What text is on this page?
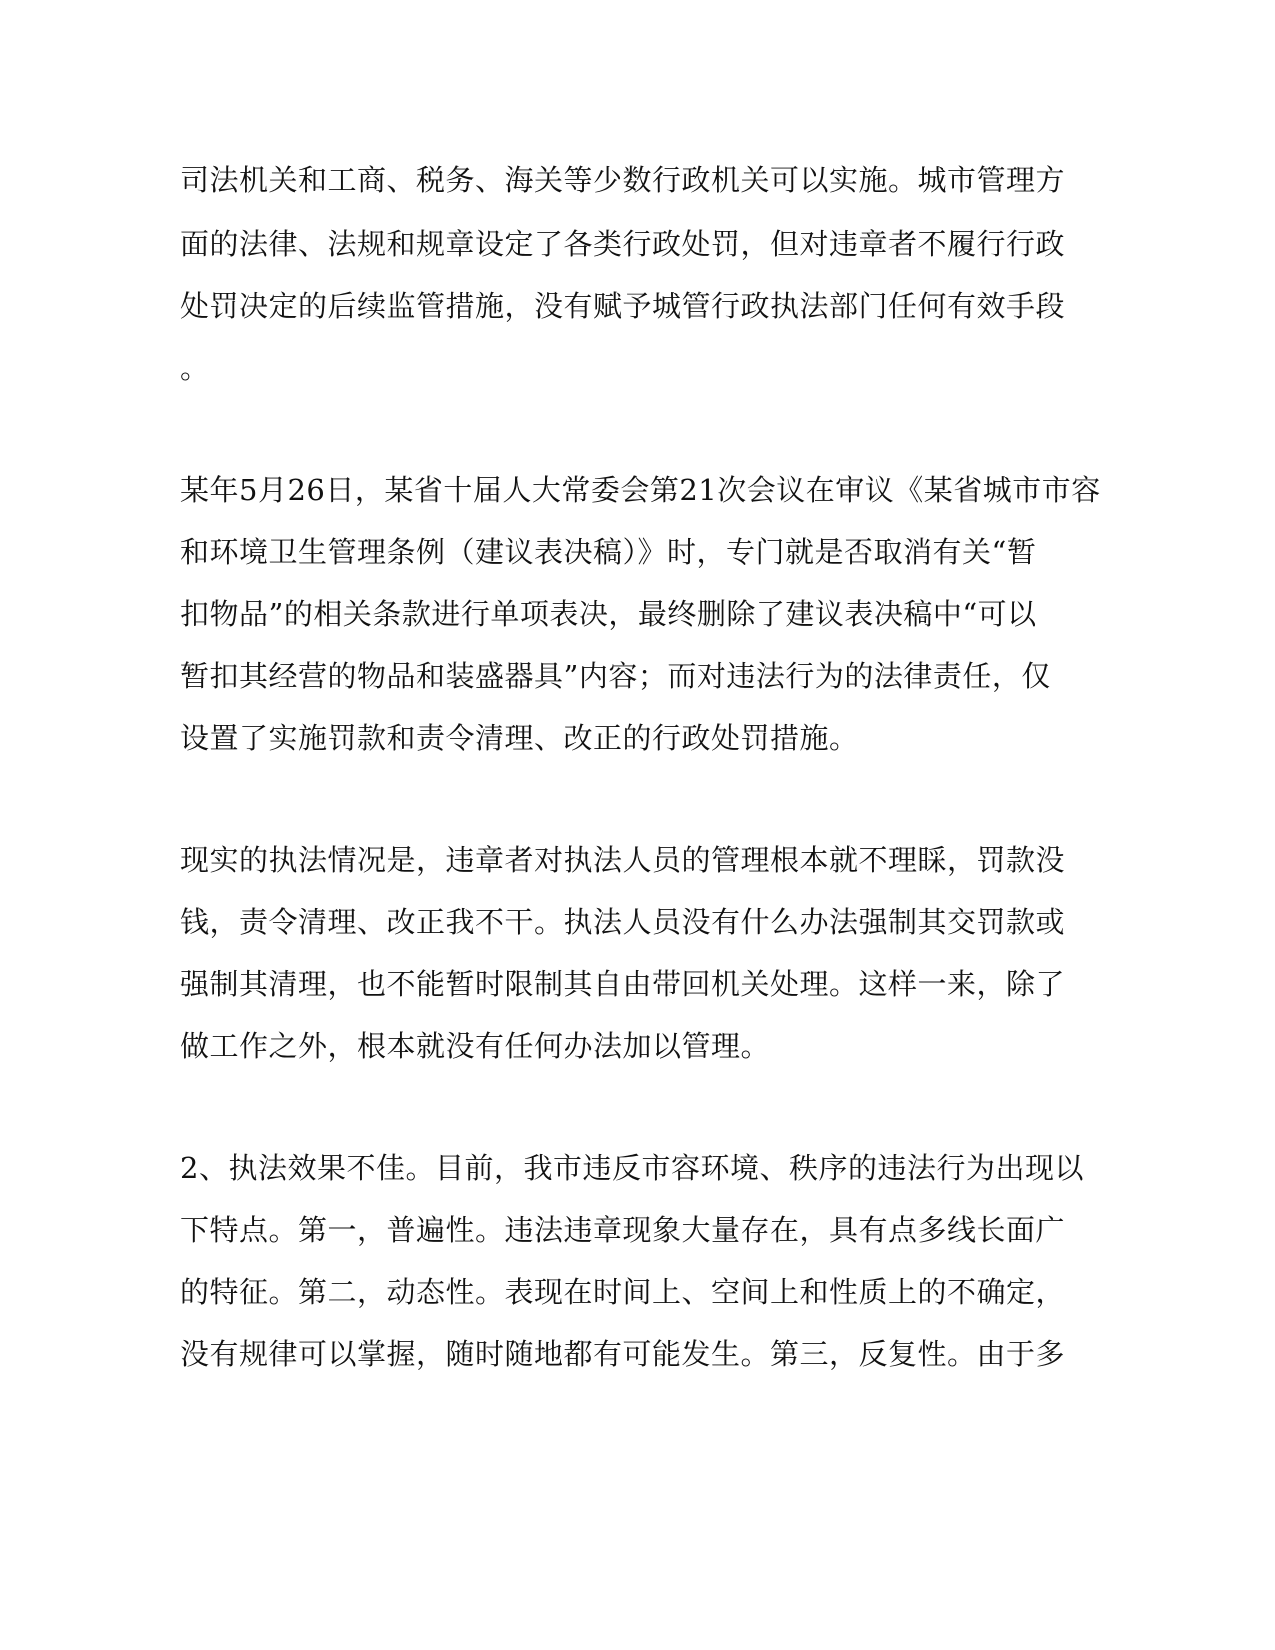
司法机关和工商、税务、海关等少数行政机关可以实施。城市管理方
面的法律、法规和规章设定了各类行政处罚，但对违章者不履行行政
处罚决定的后续监管措施，没有赋予城管行政执法部门任何有效手段
。
某年5月26日，某省十届人大常委会第21次会议在审议《某省城市市容
和环境卫生管理条例（建议表决稿）》时，专门就是否取消有关“暂
扣物品”的相关条款进行单项表决，最终删除了建议表决稿中“可以
暂扣其经营的物品和装盛器具”内容；而对违法行为的法律责任，仅
设置了实施罚款和责令清理、改正的行政处罚措施。
现实的执法情况是，违章者对执法人员的管理根本就不理睬，罚款没
钱，责令清理、改正我不干。执法人员没有什么办法强制其交罚款或
强制其清理，也不能暂时限制其自由带回机关处理。这样一来，除了
做工作之外，根本就没有任何办法加以管理。
2、执法效果不佳。目前，我市违反市容环境、秩序的违法行为出现以
下特点。第一，普遍性。违法违章现象大量存在，具有点多线长面广
的特征。第二，动态性。表现在时间上、空间上和性质上的不确定，
没有规律可以掌握，随时随地都有可能发生。第三，反复性。由于多
